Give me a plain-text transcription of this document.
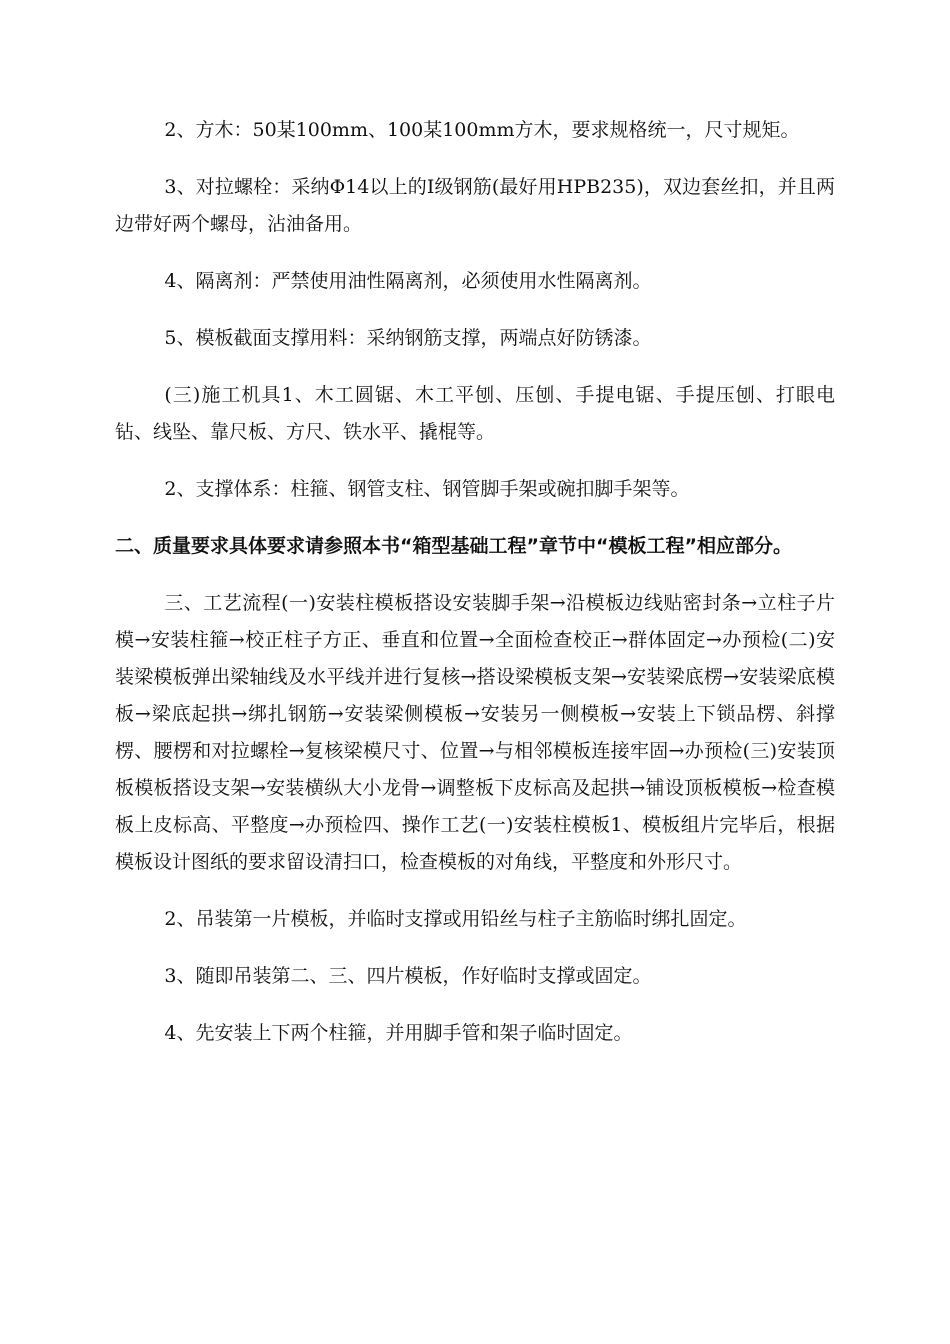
2、方木：50某100mm、100某100mm方木，要求规格统一，尺寸规矩。

3、对拉螺栓：采纳Φ14以上的Ⅰ级钢筋(最好用HPB235)，双边套丝扣，并且两边带好两个螺母，沾油备用。

4、隔离剂：严禁使用油性隔离剂，必须使用水性隔离剂。

5、模板截面支撑用料：采纳钢筋支撑，两端点好防锈漆。

(三)施工机具1、木工圆锯、木工平刨、压刨、手提电锯、手提压刨、打眼电钻、线坠、靠尺板、方尺、铁水平、撬棍等。

2、支撑体系：柱箍、钢管支柱、钢管脚手架或碗扣脚手架等。

二、质量要求具体要求请参照本书“箱型基础工程”章节中“模板工程”相应部分。

三、工艺流程(一)安装柱模板搭设安装脚手架→沿模板边线贴密封条→立柱子片模→安装柱箍→校正柱子方正、垂直和位置→全面检查校正→群体固定→办预检(二)安装梁模板弹出梁轴线及水平线并进行复核→搭设梁模板支架→安装梁底楞→安装梁底模板→梁底起拱→绑扎钢筋→安装梁侧模板→安装另一侧模板→安装上下锁品楞、斜撑楞、腰楞和对拉螺栓→复核梁模尺寸、位置→与相邻模板连接牢固→办预检(三)安装顶板模板搭设支架→安装横纵大小龙骨→调整板下皮标高及起拱→铺设顶板模板→检查模板上皮标高、平整度→办预检四、操作工艺(一)安装柱模板1、模板组片完毕后，根据模板设计图纸的要求留设清扫口，检查模板的对角线，平整度和外形尺寸。

2、吊装第一片模板，并临时支撑或用铅丝与柱子主筋临时绑扎固定。

3、随即吊装第二、三、四片模板，作好临时支撑或固定。

4、先安装上下两个柱箍，并用脚手管和架子临时固定。
